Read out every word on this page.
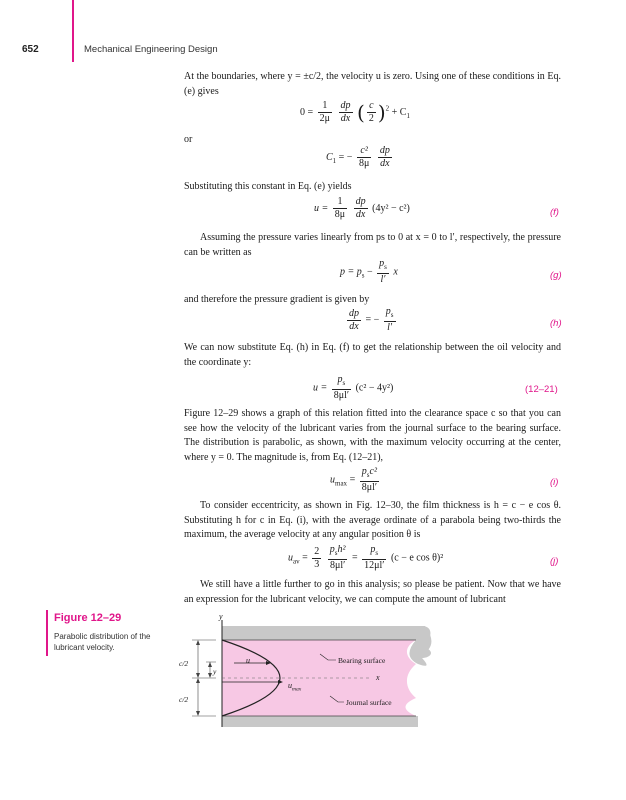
652	Mechanical Engineering Design
At the boundaries, where y = ±c/2, the velocity u is zero. Using one of these conditions in Eq. (e) gives
$0 = \frac{1}{2\mu}$
$\frac{dp}{dx}$ ( $\frac{c}{2} )^2 + C_1$
or
$C_1$ = − $\frac{\text{c²}}{8\mu}$
$\frac{dp}{dx}$
Substituting this constant in Eq. (e) yields
$u = \frac{1}{8\mu}$
$\frac{dp}{dx} (4y^2 - c^2)$	(f)
Assuming the pressure varies linearly from ps to 0 at x = 0 to l′, respectively, the pressure can be written as
$p = p_s - \frac{p_s}{l'}$ x	(g)
and therefore the pressure gradient is given by
$\frac{dp}{dx}$ = − $\frac{p_s}{l'}$	(h)
We can now substitute Eq. (h) in Eq. (f) to get the relationship between the oil velocity and the coordinate y:
$u = \frac{p_s}{8\mu l'} (c^2 - 4y^2)$	(12–21)
Figure 12–29 shows a graph of this relation fitted into the clearance space c so that you can see how the velocity of the lubricant varies from the journal surface to the bearing surface. The distribution is parabolic, as shown, with the maximum velocity occurring at the center, where y = 0. The magnitude is, from Eq. (12–21),
$u_{max} = \frac{p_sc^2}{8\mu l'}$	(i)
To consider eccentricity, as shown in Fig. 12–30, the film thickness is h = c − e cos θ. Substituting h for c in Eq. (i), with the average ordinate of a parabola being two-thirds the maximum, the average velocity at any angular position θ is
$u_{av} = \frac{2}{3}$
$\frac{p_sh^2}{8\mu l'} = \frac{p_s}{12\mu l'} (c - e$ cos θ)²	(j)
We still have a little further to go in this analysis; so please be patient. Now that we have an expression for the lubricant velocity, we can compute the amount of lubricant
Figure 12–29
Parabolic distribution of the lubricant velocity.
y
u
$u_{max}$
Bearing surface
x
Journal surface
c/2
c/2
y
